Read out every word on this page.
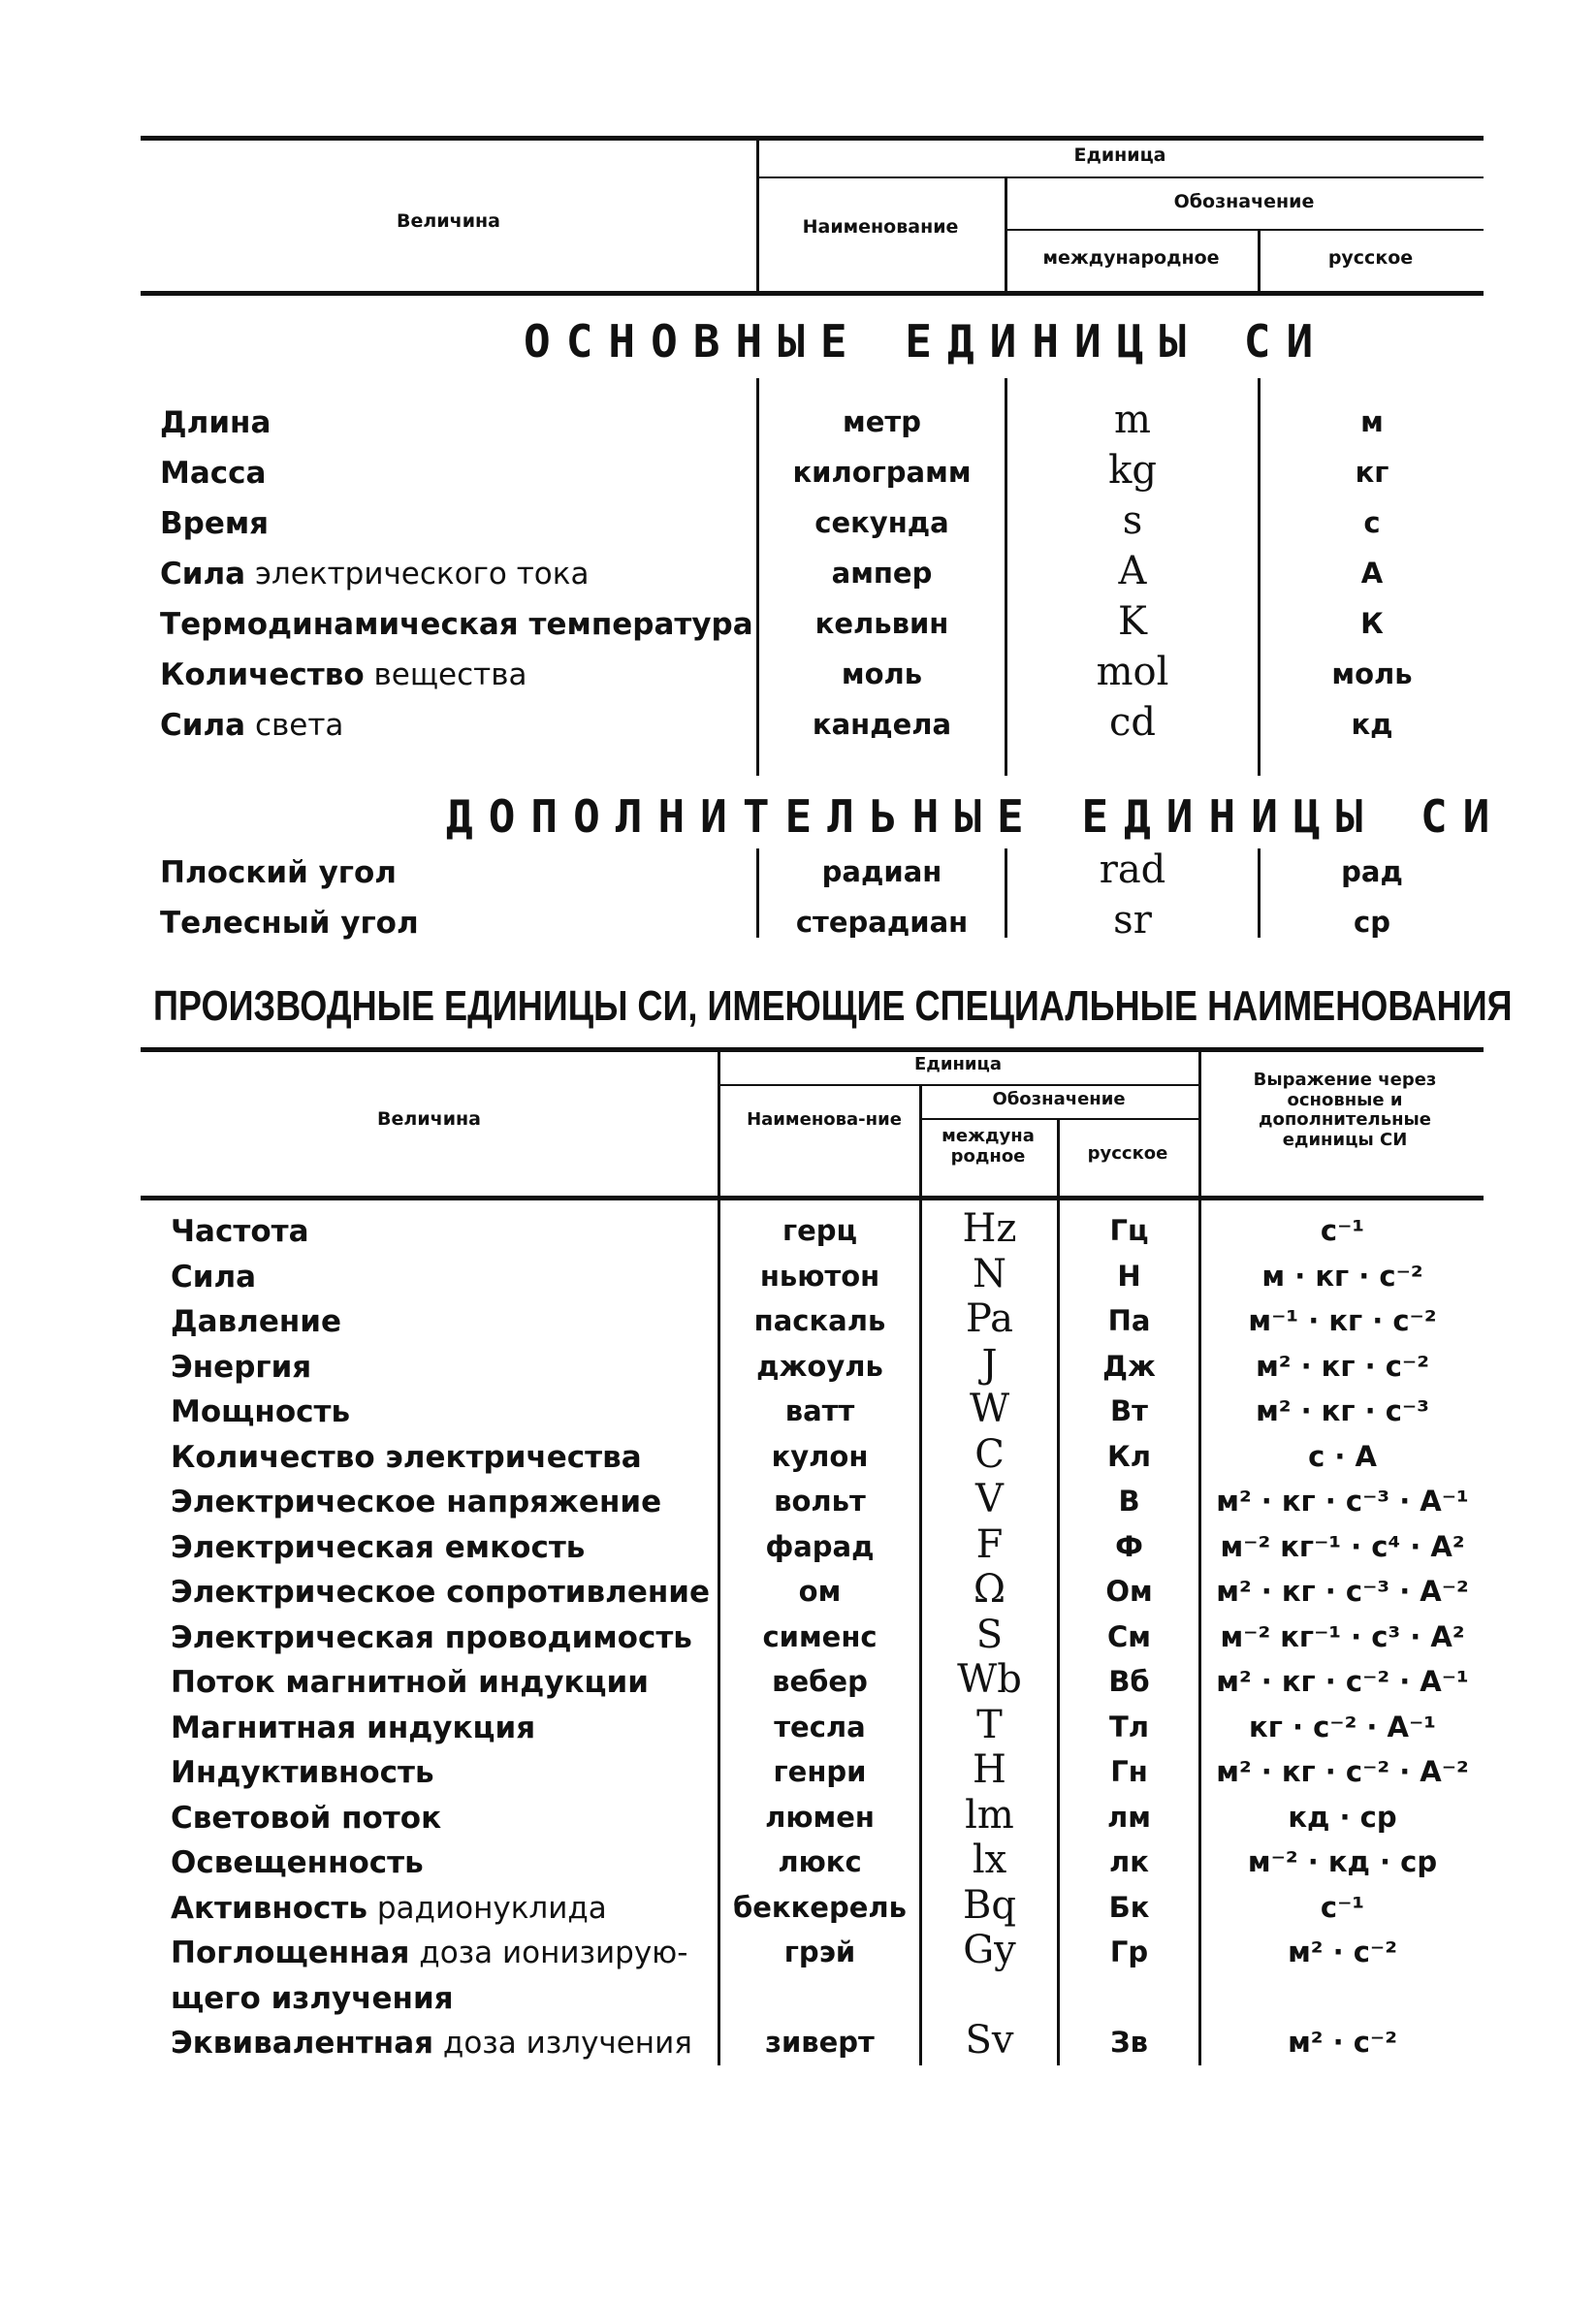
Единица
Величина	Наименование
Обозначение
международное	русское
ОСНОВНЫЕ ЕДИНИЦЫ СИ
Длина	метр	m	м
Масса	килограмм	kg	кг
Время	секунда	s	с
Сила электрического тока	ампер	A	А
Термодинамическая температура	кельвин	K	К
Количество вещества	моль	mol	моль
Сила света	кандела	cd	кд
ДОПОЛНИТЕЛЬНЫЕ ЕДИНИЦЫ СИ
Плоский угол	радиан	rad	рад
Телесный угол	стерадиан	sr	ср
ПРОИЗВОДНЫЕ ЕДИНИЦЫ СИ, ИМЕЮЩИЕ СПЕЦИАЛЬНЫЕ НАИМЕНОВАНИЯ
Единица
Величина	Наименова-ние
Обозначение
междуна родное	русское
Выражение через основные и дополнительные единицы СИ
Частота	герц	Hz	Гц	с⁻¹
Сила	ньютон	N	Н	м · кг · с⁻²
Давление	паскаль	Pa	Па	м⁻¹ · кг · с⁻²
Энергия	джоуль	J	Дж	м² · кг · с⁻²
Мощность	ватт	W	Вт	м² · кг · с⁻³
Количество электричества	кулон	C	Кл	с · А
Электрическое напряжение	вольт	V	В	м² · кг · с⁻³ · А⁻¹
Электрическая емкость	фарад	F	Ф	м⁻² кг⁻¹ · с⁴ · А²
Электрическое сопротивление	ом	Ω	Ом	м² · кг · с⁻³ · А⁻²
Электрическая проводимость	сименс	S	См	м⁻² кг⁻¹ · с³ · А²
Поток магнитной индукции	вебер	Wb	Вб	м² · кг · с⁻² · А⁻¹
Магнитная индукция	тесла	T	Тл	кг · с⁻² · А⁻¹
Индуктивность	генри	H	Гн	м² · кг · с⁻² · А⁻²
Световой поток	люмен	lm	лм	кд · ср
Освещенность	люкс	lx	лк	м⁻² · кд · ср
Активность радионуклида	беккерель	Bq	Бк	с⁻¹
Поглощенная доза ионизирую-
щего излучения
грэй	Gy	Гр	м² · с⁻²
Эквивалентная доза излучения	зиверт	Sv	Зв	м² · с⁻²
